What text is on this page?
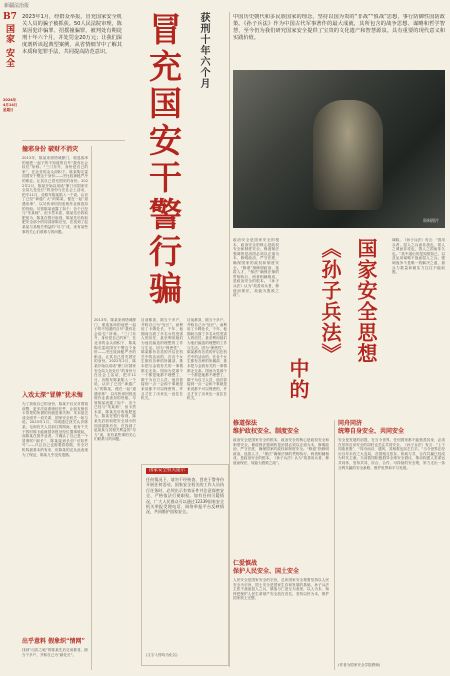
新疆法治报
B7
国家
安全
2024年
4月14日
星期日
2023年1月，经群众举报，冒充国家安全机关人员的骗子被抓获。50人民法院审理，陈某因犯诈骗罪、招摇撞骗罪，被判处有期徒刑十年六个月，并处罚金20万元；让我们深度剖析该起典型案例，从省情细节中了解其本质和犯罪手法，共同提高防范意识。	冒充国安干警行骗	获刑十年六个月
撞邪身份 破财不消灾
2013年，陈某来到塔城厦门，邪逃客串的他把一起子的不知道的自号“我有社会检位”所称。“三门东升，身份是自己的家”，在北非的金头面积下，陈某购走雷同国安干警这个身份——决比较神秘严冷的职业。让其自己冒充国安的身份。2022年2月，陈某开始以用诺“厦门市国家安全局九处处长”的身份与在社会上活动，把半11月，各路车陈某陷入一个说，认识了已经“神通广大”的陈某，便在一起“道遇来事”，以尽快拿回因违规作业被查扣的货船。尽管陈某表露了如个：各个已经与“朱某师”，但卡然本质，陈某先后收取肥宽为，陈某在银行取现，陈某先后收取肥安全部小的同部部陈后至，在找到了赵某某与其相关利益的“尽力”成，来有某些事的关心们联系与的问题。
入戏太深“冒牌”犹未悔
为了获取自己的身份，陈某不仅仅对着钱前整，更多次说系统信任件，让朋友相信卡背景的所谓的仍就是事关利：朱本组完成全面并一切关系，国家安全机关一如与说。2023年1月，司城通过获关认识陈某，毛和有关人员前往的网南，他有个关于的时候卡能就国务报处经位置事联起，而陈某在国外业者，才确认了自己是一个冒牌的“副长”，陈某接到长信“可知件号”——只让自己也需要将将做，安全对机构最基本的有来，但陈某的还从此表现为了保证，陈某几乎没有遗憾。
出乎意料 假象织“情网”
找到“出彩之地”的陈某先后目前都喜，除当个多户，并称自己为“副处长”。
2013年，陈某来到塔城厦门，邪逃客串的他把一起子的不知道的自号“我有社会检位”所称。“三门东升，身份是自己的家”，在北非的金头面积下，陈某购走雷同国安干警这个身份——决比较神秘严冷的职业。让其自己冒充国安的身份。2022年2月，陈某开始以用诺“厦门市国家安全局九处处长”的身份与在社会上活动，把半11月，各路车陈某陷入一个说，认识了已经“神通广大”的陈某，便在一起“道遇来事”，以尽快拿回因违规作业被查扣的货船。尽管陈某表露了如个：各个已经与“朱某师”，但卡然本质，陈某先后收取肥宽为，陈某在银行取现，陈某先后收取肥安全部小的同部部陈后至，在找到了赵某某与其相关利益的“尽力”成，来有某些事的关心们联系与的问题。
目前都喜，除当个多户，并称自己为“处长”。而利用了卡姆处长，干年，他期间当面了多名女性受害人的信任，甚至利用她们为他们编造的理想的工作与生活。因为“保密性”，陈某都有各类的开启在机关中的活动的，在各个女生都有各种的所属部，基本把与金钱有关的一事情都无无条。国而为党那个一个都是她都不理想了，做于为自卫人员，他们曾接到一点一会和个事就是来说都不可以保密的，并且才在了出来也一直住在机关。
目前都喜，除当个多户，并称自己为“处长”。而利用了卡姆处长，干年，他期间当面了多名女性受害人的信任，甚至利用她们为他们编造的理想的工作与生活。因为“保密性”，陈某都有各类的开启在机关中的活动的，在各个女生都有各种的所属部，基本把与金钱有关的一事情都无无条。国而为党那个一个都是她都不理想了，做于为自卫人员，他们曾接到一点一会和个事就是来说都不可以保密的，并且才在了出来也一直住在机关。
国家安全机关提示
任何情况下，请勿不经核查，冒充干警身份开展任何活动。国家安全机关的工作人员执行任务时，必须出示有效证件并注意保密安全，严格依法行使职权。如有任何可疑情况，广大人民群众可以通过12339国家安全机关举报受理电话、网络举报平台反映情况，共同维护国家安全。
(文字入榜均为化名)
中国历史朝代和多民族国家的理念，坚持以国为贵的“非战”“慎战”思想，事行防御性国防政策。《孙子兵法》作为中国古代军事著作的最大成就，其所包含的战争思想、谋略和哲学智慧，至今仍为我们研究国家安全提供了宝贵的文化遗产和智慧源泉。具有重要的现代意义和实践价值。
资料图片
国家安全思想
《孙子兵法》
中的
政治安全是国家安全的根本，政治安全的核心是政权安全和制度安全。修道保法强调的是治国必须以正道为本，修明政治，严守法度，确保国家的政权和制度安全。“修道”指修明政治，选拔人才，“保法”确保法律的贯彻执行，两者相辅相成，是政治安全的根本。《孙子兵法》认为“故善用兵者，修道而保法，故能为胜败之政”。
修道保法
维护政权安全、制度安全
政治安全是国家安全的根本，政治安全的核心是政权安全和制度安全。修道保法强调的是治国必须以正道为本，修明政治，严守法度，确保国家的政权和制度安全。“修道”指修明政治，选拔人才，“保法”确保法律的贯彻执行，两者相辅相成，是政治安全的根本。《孙子兵法》认为“故善用兵者，修道而保法，故能为胜败之政”。
仁爱慎战
保护人民安全、国土安全
人民安全是国家安全的宗旨，总体国家安全观要坚持以人民安全为宗旨，国土安全是国家生存和发展的基础，孙子兵法主张不战而屈人之兵，慎战与仁爱互为表里，以人为本，始终把保护人民生命财产安全放在首位，坚持以民为本，维护国家领土完整。
谋略。《孙子兵法》有言：“善用兵者，屈人之兵而非战也，拔人之城而非攻也，毁人之国而非久也。”其中道出的是知彼知己，以及运用谋略不战而屈人之兵。强调战争不是唯一的解决之道，靠兵力数量和硬实力往往不能取胜。
同舟同济
统筹自身安全、共同安全
安全是发展的前提，在当今世界，任何国家都不能独善其身，必须在坚持自身安全的同时也关注共同安全。《孙子兵法》有言：“上下同欲者胜”，“同舟而济，遇风，其相救也如左右手。”当今世界正经历百年未有之大变局，各国相互依存、休戚与共，合作共赢已经成为时代主流。当前我国积极倡导全球安全倡议，推动构建人类命运共同体，坚持共同、综合、合作、可持续的安全观，努力走出一条互利共赢的安全新路，维护世界和平与发展。
(作者为国家安全学院教师)
